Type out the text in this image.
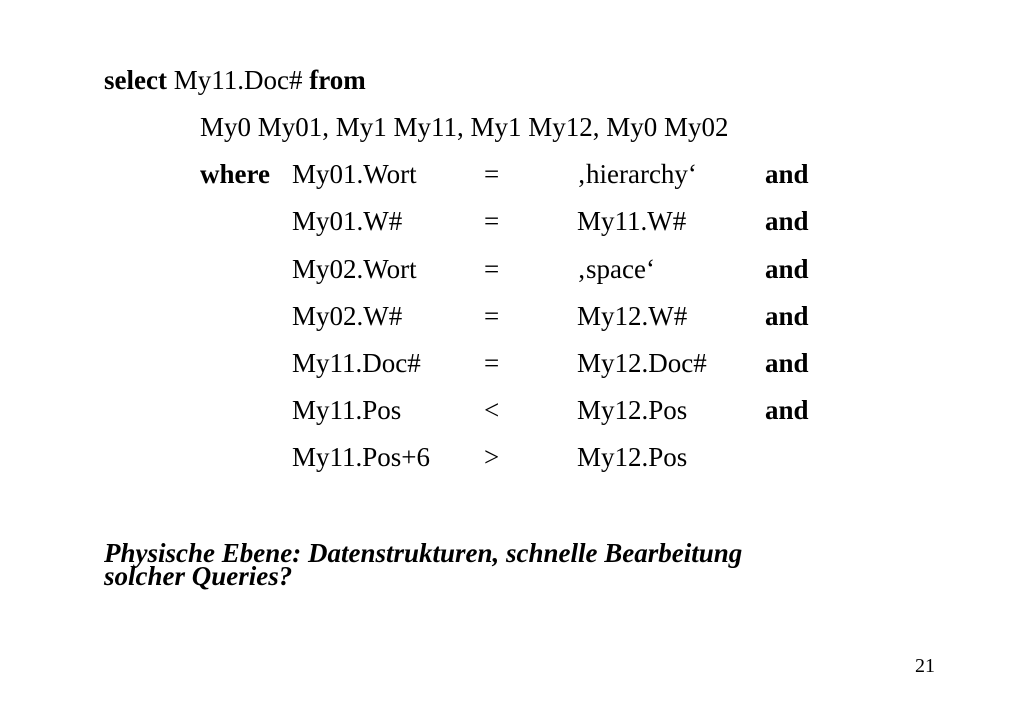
select My11.Doc# from
My0 My01, My1 My11, My1 My12, My0 My02
where My01.Wort =	‚hierarchy‘	and
My01.W#	=	My11.W#	and
My02.Wort =	‚space‘	and
My02.W#	=	My12.W#	and
My11.Doc# =	My12.Doc# and
My11.Pos	<	My12.Pos	and
My11.Pos+6 >	My12.Pos
Physische Ebene: Datenstrukturen, schnelle Bearbeitung
solcher Queries?
21
